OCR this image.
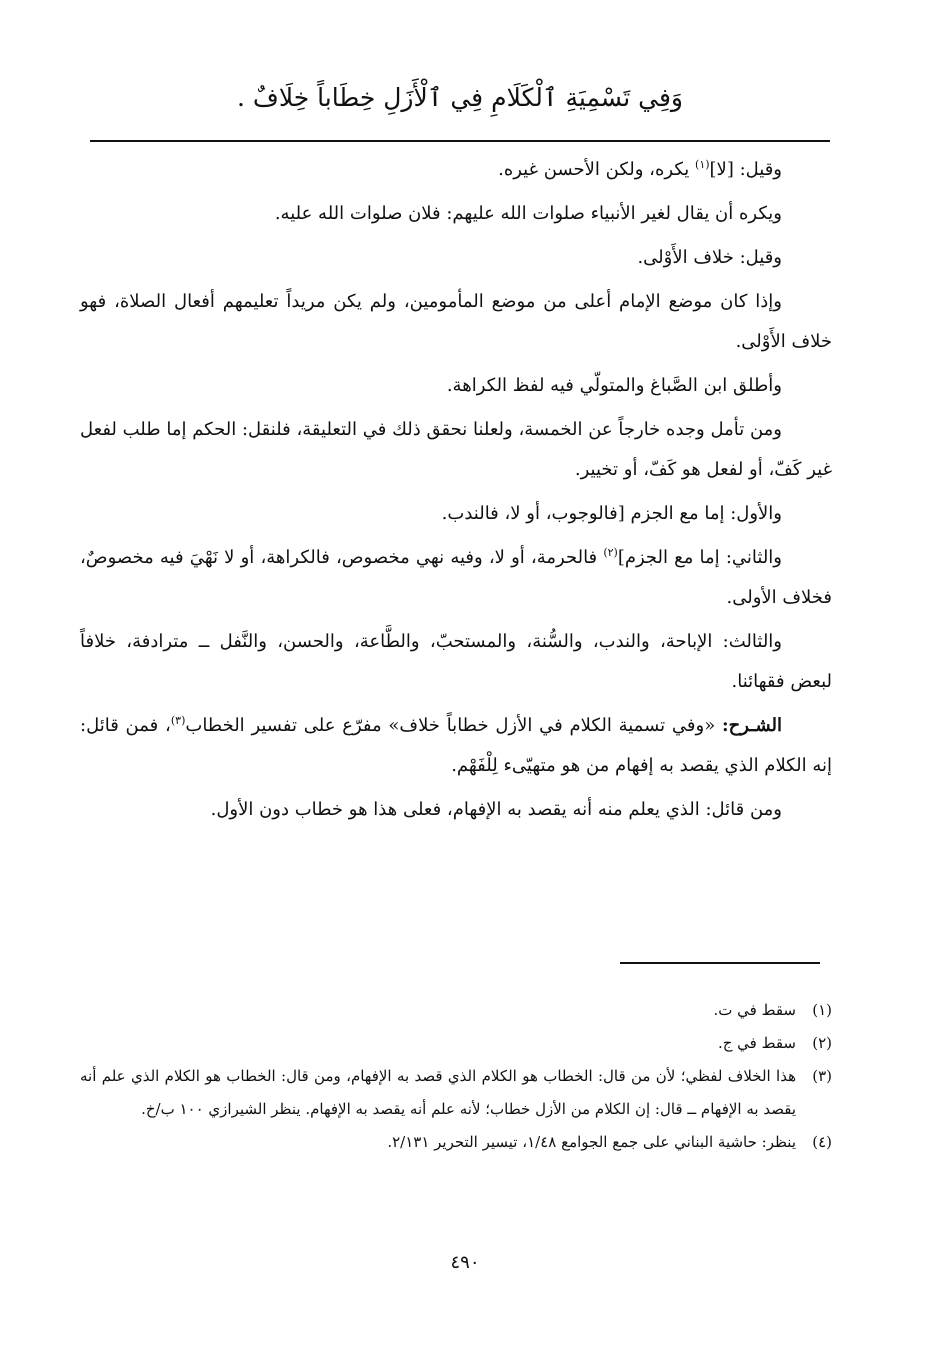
وَفِي تَسْمِيَةِ ٱلْكَلَامِ فِي ٱلْأَزَلِ خِطَاباً خِلَافٌ .

وقيل: [لا]$^{(١)}$ يكره، ولكن الأحسن غيره.

ويكره أن يقال لغير الأنبياء صلوات الله عليهم: فلان صلوات الله عليه.

وقيل: خلاف الأَوْلى.

وإذا كان موضع الإمام أعلى من موضع المأمومين، ولم يكن مريداً تعليمهم أفعال الصلاة، فهو خلاف الأَوْلى.

وأطلق ابن الصَّباغ والمتولّي فيه لفظ الكراهة.

ومن تأمل وجده خارجاً عن الخمسة، ولعلنا نحقق ذلك في التعليقة، فلنقل: الحكم إما طلب لفعل غير كَفّ، أو لفعل هو كَفّ، أو تخيير.

والأول: إما مع الجزم [فالوجوب، أو لا، فالندب.

والثاني: إما مع الجزم]$^{(٢)}$ فالحرمة، أو لا، وفيه نهي مخصوص، فالكراهة، أو لا نَهْيَ فيه مخصوصٌ، فخلاف الأولى.

والثالث: الإباحة، والندب، والسُّنة، والمستحبّ، والطَّاعة، والحسن، والنَّفل ــ مترادفة، خلافاً لبعض فقهائنا.

الشـرح: «وفي تسمية الكلام في الأزل خطاباً خلاف» مفرّع على تفسير الخطاب$^{(٣)}$، فمن قائل: إنه الكلام الذي يقصد به إفهام من هو متهيّىء لِلْفَهْم.

ومن قائل: الذي يعلم منه أنه يقصد به الإفهام، فعلى هذا هو خطاب دون الأول.

(١)
سقط في ت.

(٢)
سقط في ج.

(٣)
هذا الخلاف لفظي؛ لأن من قال: الخطاب هو الكلام الذي قصد به الإفهام، ومن قال: الخطاب هو الكلام الذي علم أنه يقصد به الإفهام ــ قال: إن الكلام من الأزل خطاب؛ لأنه علم أنه يقصد به الإفهام. ينظر الشيرازي ١٠٠ ب/خ.

(٤)
ينظر: حاشية البناني على جمع الجوامع ١/٤٨، تيسير التحرير ٢/١٣١.

٤٩٠
